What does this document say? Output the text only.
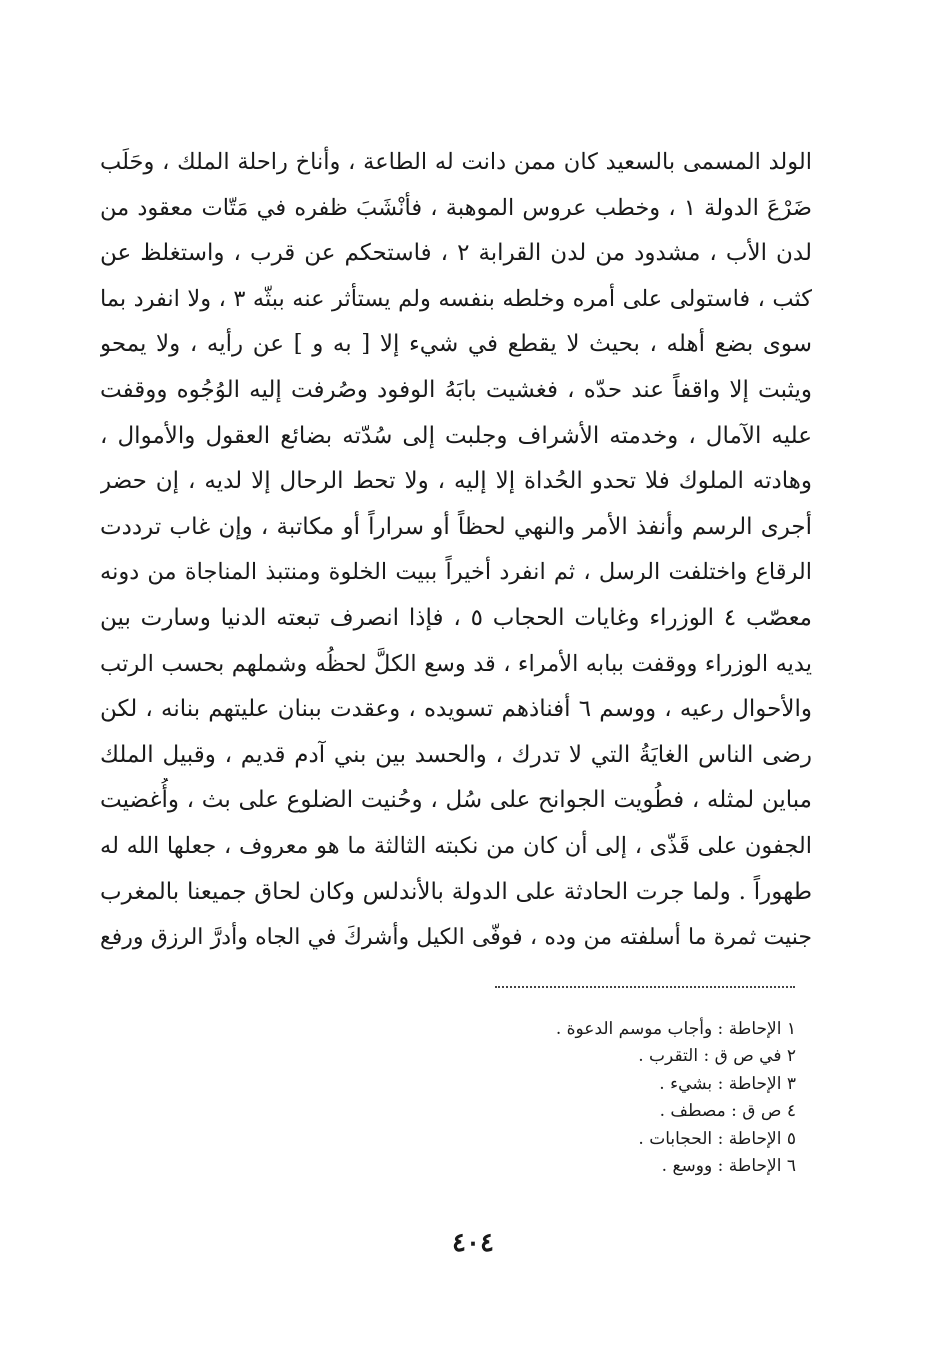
الولد المسمى بالسعيد كان ممن دانت له الطاعة ، وأناخ راحلة الملك ، وحَلَب
ضَرْعَ الدولة ١ ، وخطب عروس الموهبة ، فأنْشَبَ ظفره في مَتّات معقود من
لدن الأب ، مشدود من لدن القرابة ٢ ، فاستحكم عن قرب ، واستغلظ عن
كثب ، فاستولى على أمره وخلطه بنفسه ولم يستأثر عنه ببثّه ٣ ، ولا انفرد بما
سوى بضع أهله ، بحيث لا يقطع في شيء إلا [ به و ] عن رأيه ، ولا يمحو
ويثبت إلا واقفاً عند حدّه ، فغشيت بابَهُ الوفود وصُرفت إليه الوُجُوه ووقفت
عليه الآمال ، وخدمته الأشراف وجلبت إلى سُدّته بضائع العقول والأموال ،
وهادته الملوك فلا تحدو الحُداة إلا إليه ، ولا تحط الرحال إلا لديه ، إن حضر
أجرى الرسم وأنفذ الأمر والنهي لحظاً أو سراراً أو مكاتبة ، وإن غاب ترددت
الرقاع واختلفت الرسل ، ثم انفرد أخيراً ببيت الخلوة ومنتبذ المناجاة من دونه
معصّب ٤ الوزراء وغايات الحجاب ٥ ، فإذا انصرف تبعته الدنيا وسارت بين
يديه الوزراء ووقفت ببابه الأمراء ، قد وسع الكلَّ لحظُه وشملهم بحسب الرتب
والأحوال رعيه ، ووسم ٦ أفناذهم تسويده ، وعقدت ببنان عليتهم بنانه ، لكن
رضى الناس الغايَةُ التي لا تدرك ، والحسد بين بني آدم قديم ، وقبيل الملك
مباين لمثله ، فطُويت الجوانح على سُل ، وحُنيت الضلوع على بث ، وأُغضيت
الجفون على قَذّى ، إلى أن كان من نكبته الثالثة ما هو معروف ، جعلها الله له
طهوراً . ولما جرت الحادثة على الدولة بالأندلس وكان لحاق جميعنا بالمغرب
جنيت ثمرة ما أسلفته من وده ، فوفّى الكيل وأشركَ في الجاه وأدرَّ الرزق ورفع
١ الإحاطة : وأجاب موسم الدعوة .
٢ في ص ق : التقرب .
٣ الإحاطة : بشيء .
٤ ص ق : مصطف .
٥ الإحاطة : الحجابات .
٦ الإحاطة : ووسع .
٤٠٤
